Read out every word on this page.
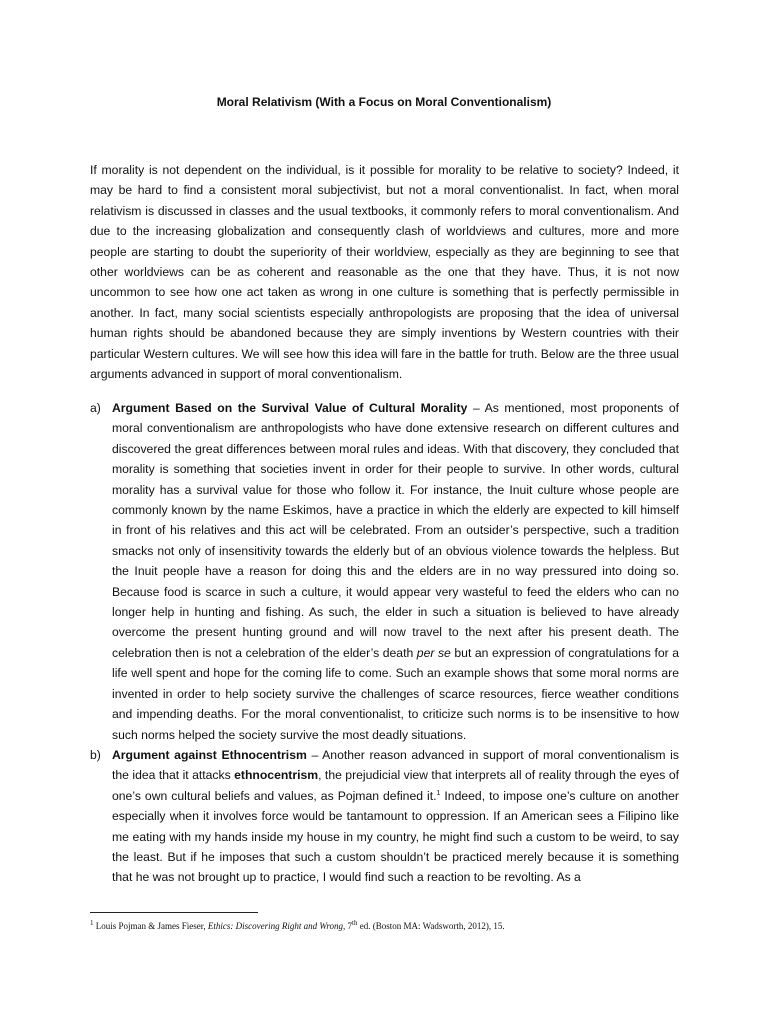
Moral Relativism (With a Focus on Moral Conventionalism)

If morality is not dependent on the individual, is it possible for morality to be relative to society? Indeed, it may be hard to find a consistent moral subjectivist, but not a moral conventionalist. In fact, when moral relativism is discussed in classes and the usual textbooks, it commonly refers to moral conventionalism. And due to the increasing globalization and consequently clash of worldviews and cultures, more and more people are starting to doubt the superiority of their worldview, especially as they are beginning to see that other worldviews can be as coherent and reasonable as the one that they have. Thus, it is not now uncommon to see how one act taken as wrong in one culture is something that is perfectly permissible in another. In fact, many social scientists especially anthropologists are proposing that the idea of universal human rights should be abandoned because they are simply inventions by Western countries with their particular Western cultures. We will see how this idea will fare in the battle for truth. Below are the three usual arguments advanced in support of moral conventionalism.

a) Argument Based on the Survival Value of Cultural Morality – As mentioned, most proponents of moral conventionalism are anthropologists who have done extensive research on different cultures and discovered the great differences between moral rules and ideas. With that discovery, they concluded that morality is something that societies invent in order for their people to survive. In other words, cultural morality has a survival value for those who follow it. For instance, the Inuit culture whose people are commonly known by the name Eskimos, have a practice in which the elderly are expected to kill himself in front of his relatives and this act will be celebrated. From an outsider’s perspective, such a tradition smacks not only of insensitivity towards the elderly but of an obvious violence towards the helpless. But the Inuit people have a reason for doing this and the elders are in no way pressured into doing so. Because food is scarce in such a culture, it would appear very wasteful to feed the elders who can no longer help in hunting and fishing. As such, the elder in such a situation is believed to have already overcome the present hunting ground and will now travel to the next after his present death. The celebration then is not a celebration of the elder’s death per se but an expression of congratulations for a life well spent and hope for the coming life to come. Such an example shows that some moral norms are invented in order to help society survive the challenges of scarce resources, fierce weather conditions and impending deaths. For the moral conventionalist, to criticize such norms is to be insensitive to how such norms helped the society survive the most deadly situations.
b) Argument against Ethnocentrism – Another reason advanced in support of moral conventionalism is the idea that it attacks ethnocentrism, the prejudicial view that interprets all of reality through the eyes of one’s own cultural beliefs and values, as Pojman defined it.$^1$ Indeed, to impose one’s culture on another especially when it involves force would be tantamount to oppression. If an American sees a Filipino like me eating with my hands inside my house in my country, he might find such a custom to be weird, to say the least. But if he imposes that such a custom shouldn’t be practiced merely because it is something that he was not brought up to practice, I would find such a reaction to be revolting. As a
$^1$ Louis Pojman & James Fieser, Ethics: Discovering Right and Wrong, 7th ed. (Boston MA: Wadsworth, 2012), 15.
